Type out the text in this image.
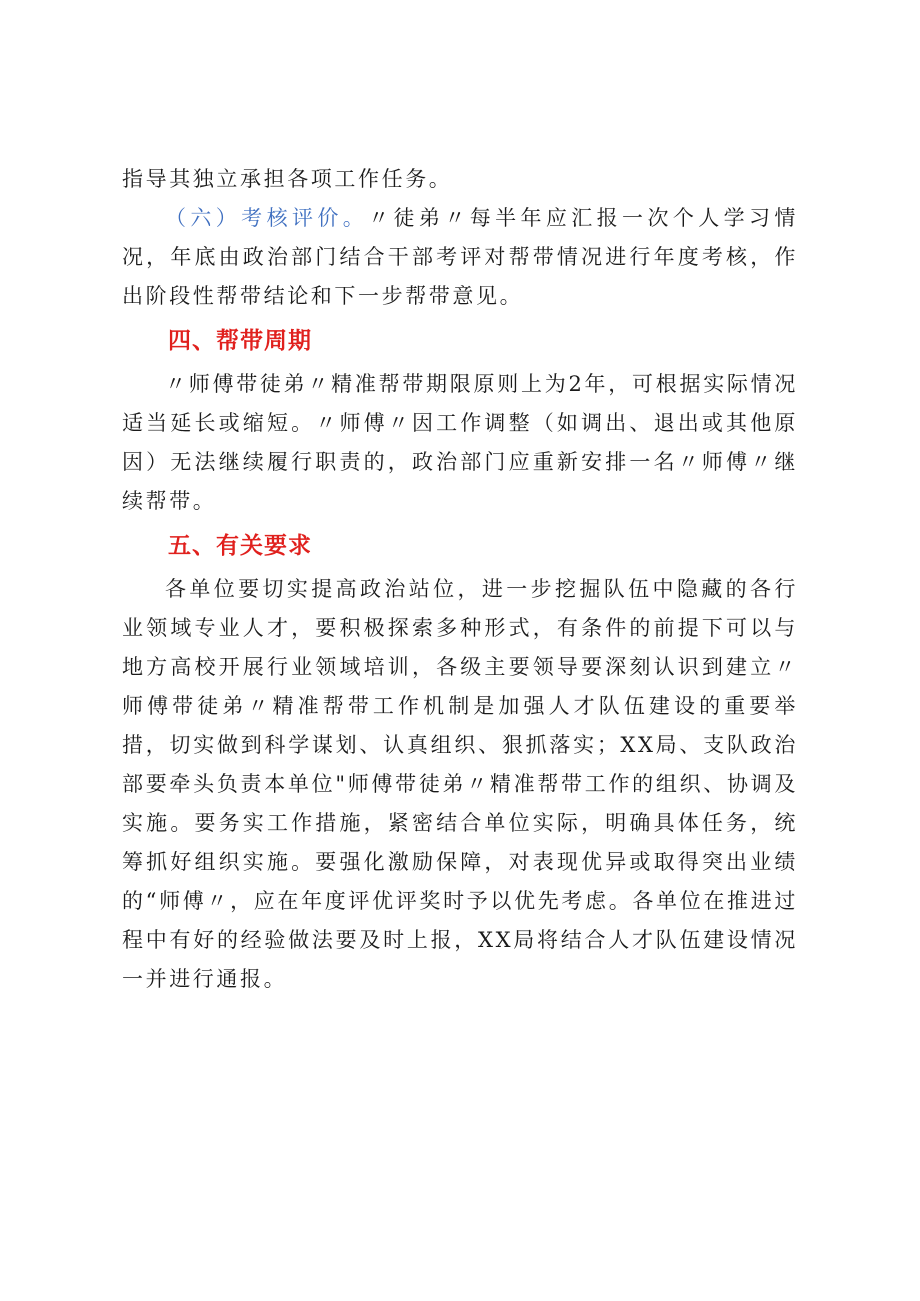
指导其独立承担各项工作任务。

（六）考核评价。〃徒弟〃每半年应汇报一次个人学习情况，年底由政治部门结合干部考评对帮带情况进行年度考核，作出阶段性帮带结论和下一步帮带意见。

四、帮带周期

〃师傅带徒弟〃精准帮带期限原则上为2年，可根据实际情况适当延长或缩短。〃师傅〃因工作调整（如调出、退出或其他原因）无法继续履行职责的，政治部门应重新安排一名〃师傅〃继续帮带。

五、有关要求

各单位要切实提高政治站位，进一步挖掘队伍中隐藏的各行业领域专业人才，要积极探索多种形式，有条件的前提下可以与地方高校开展行业领域培训，各级主要领导要深刻认识到建立〃师傅带徒弟〃精准帮带工作机制是加强人才队伍建设的重要举措，切实做到科学谋划、认真组织、狠抓落实；XX局、支队政治部要牵头负责本单位"师傅带徒弟〃精准帮带工作的组织、协调及实施。要务实工作措施，紧密结合单位实际，明确具体任务，统筹抓好组织实施。要强化激励保障，对表现优异或取得突出业绩的“师傅〃，应在年度评优评奖时予以优先考虑。各单位在推进过程中有好的经验做法要及时上报，XX局将结合人才队伍建设情况一并进行通报。
